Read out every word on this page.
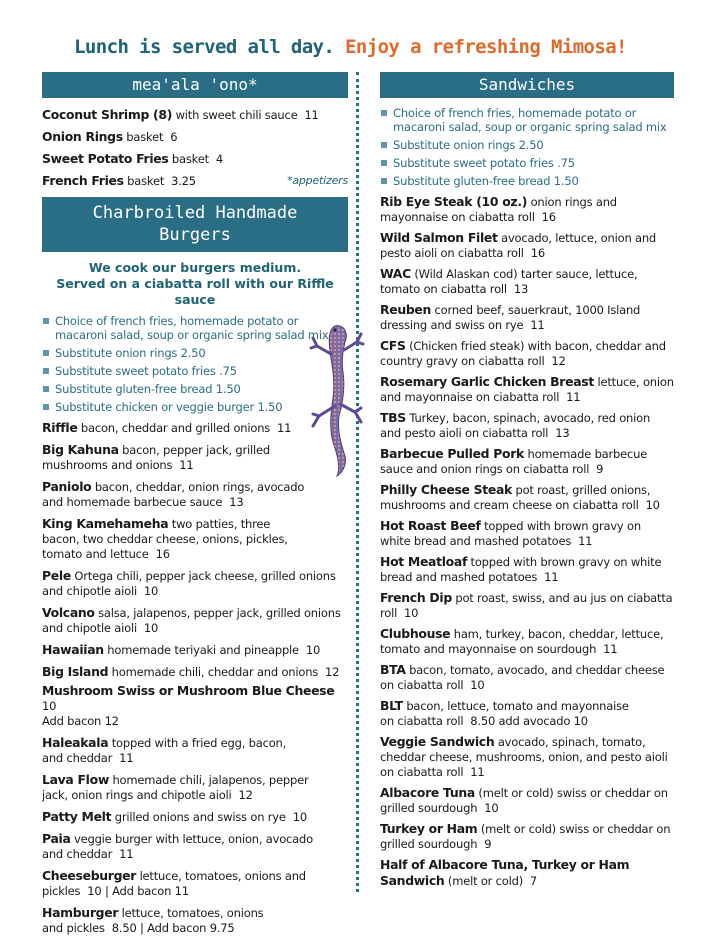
Lunch is served all day. Enjoy a refreshing Mimosa!
mea'ala 'ono*
Coconut Shrimp (8) with sweet chili sauce 11
Onion Rings basket 6
Sweet Potato Fries basket 4
French Fries basket 3.25	*appetizers
Charbroiled Handmade
Burgers
We cook our burgers medium.
Served on a ciabatta roll with our Riffle sauce
Choice of french fries, homemade potato or macaroni salad, soup or organic spring salad mix
Substitute onion rings 2.50
Substitute sweet potato fries .75
Substitute gluten-free bread 1.50
Substitute chicken or veggie burger 1.50
Riffle bacon, cheddar and grilled onions 11
Big Kahuna bacon, pepper jack, grilled mushrooms and onions 11
Paniolo bacon, cheddar, onion rings, avocado and homemade barbecue sauce 13
King Kamehameha two patties, three bacon, two cheddar cheese, onions, pickles, tomato and lettuce 16
Pele Ortega chili, pepper jack cheese, grilled onions and chipotle aioli 10
Volcano salsa, jalapenos, pepper jack, grilled onions and chipotle aioli 10
Hawaiian homemade teriyaki and pineapple 10
Big Island homemade chili, cheddar and onions 12
Mushroom Swiss or Mushroom Blue Cheese  10
Add bacon 12
Haleakala topped with a fried egg, bacon, and cheddar 11
Lava Flow homemade chili, jalapenos, pepper jack, onion rings and chipotle aioli 12
Patty Melt grilled onions and swiss on rye 10
Paia veggie burger with lettuce, onion, avocado and cheddar 11
Cheeseburger lettuce, tomatoes, onions and pickles 10 | Add bacon 11
Hamburger lettuce, tomatoes, onions and pickles 8.50 | Add bacon 9.75
Sandwiches
Choice of french fries, homemade potato or macaroni salad, soup or organic spring salad mix
Substitute onion rings 2.50
Substitute sweet potato fries .75
Substitute gluten-free bread 1.50
Rib Eye Steak (10 oz.) onion rings and mayonnaise on ciabatta roll 16
Wild Salmon Filet avocado, lettuce, onion and pesto aioli on ciabatta roll 16
WAC (Wild Alaskan cod) tarter sauce, lettuce, tomato on ciabatta roll 13
Reuben corned beef, sauerkraut, 1000 Island dressing and swiss on rye 11
CFS (Chicken fried steak) with bacon, cheddar and country gravy on ciabatta roll 12
Rosemary Garlic Chicken Breast lettuce, onion and mayonnaise on ciabatta roll 11
TBS Turkey, bacon, spinach, avocado, red onion and pesto aioli on ciabatta roll 13
Barbecue Pulled Pork homemade barbecue sauce and onion rings on ciabatta roll 9
Philly Cheese Steak pot roast, grilled onions, mushrooms and cream cheese on ciabatta roll 10
Hot Roast Beef topped with brown gravy on white bread and mashed potatoes 11
Hot Meatloaf topped with brown gravy on white bread and mashed potatoes 11
French Dip pot roast, swiss, and au jus on ciabatta roll 10
Clubhouse ham, turkey, bacon, cheddar, lettuce, tomato and mayonnaise on sourdough 11
BTA bacon, tomato, avocado, and cheddar cheese on ciabatta roll 10
BLT bacon, lettuce, tomato and mayonnaise on ciabatta roll 8.50 add avocado 10
Veggie Sandwich avocado, spinach, tomato, cheddar cheese, mushrooms, onion, and pesto aioli on ciabatta roll 11
Albacore Tuna (melt or cold) swiss or cheddar on grilled sourdough 10
Turkey or Ham (melt or cold) swiss or cheddar on grilled sourdough 9
Half of Albacore Tuna, Turkey or Ham Sandwich (melt or cold) 7
